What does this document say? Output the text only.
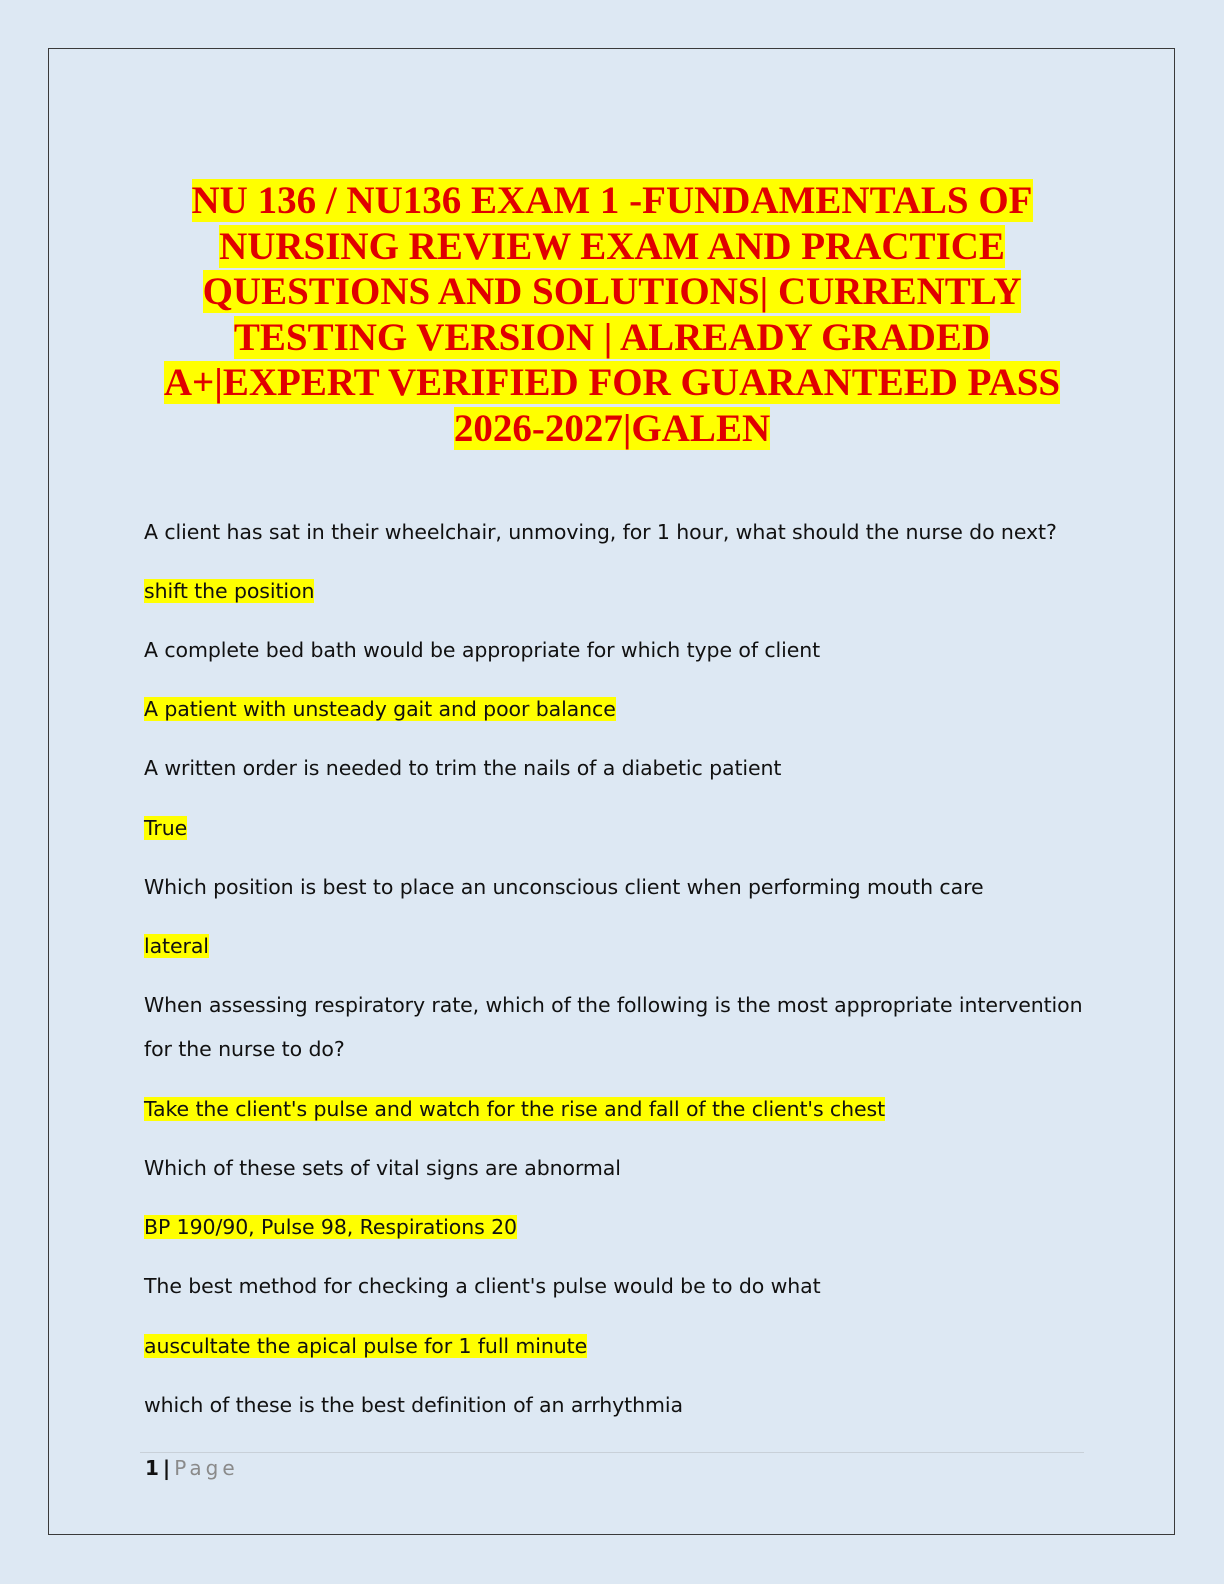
NU 136 / NU136 EXAM 1 -FUNDAMENTALS OF NURSING REVIEW EXAM AND PRACTICE QUESTIONS AND SOLUTIONS| CURRENTLY TESTING VERSION | ALREADY GRADED A+|EXPERT VERIFIED FOR GUARANTEED PASS 2026-2027|GALEN
A client has sat in their wheelchair, unmoving, for 1 hour, what should the nurse do next?
shift the position
A complete bed bath would be appropriate for which type of client
A patient with unsteady gait and poor balance
A written order is needed to trim the nails of a diabetic patient
True
Which position is best to place an unconscious client when performing mouth care
lateral
When assessing respiratory rate, which of the following is the most appropriate intervention for the nurse to do?
Take the client's pulse and watch for the rise and fall of the client's chest
Which of these sets of vital signs are abnormal
BP 190/90, Pulse 98, Respirations 20
The best method for checking a client's pulse would be to do what
auscultate the apical pulse for 1 full minute
which of these is the best definition of an arrhythmia
1 | Page
